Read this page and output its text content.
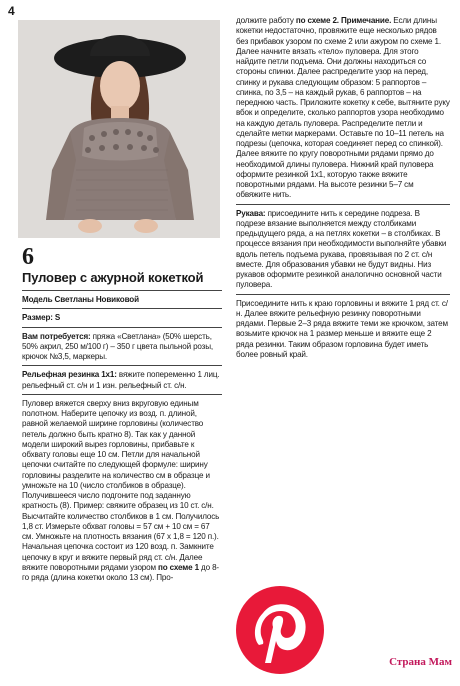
4
6
Пуловер с ажурной кокеткой
Модель Светланы Новиковой
Размер: S

Вам потребуется: пряжа «Светлана» (50% шерсть, 50% акрил, 250 м/100 г) – 350 г цвета пыльной розы, крючок №3,5, маркеры.

Рельефная резинка 1х1: вяжите попеременно 1 лиц. рельефный ст. с/н и 1 изн. рельефный ст. с/н.

Пуловер вяжется сверху вниз вкруговую единым полотном. Наберите цепочку из возд. п. длиной, равной желаемой ширине горловины (количество петель должно быть кратно 8). Так как у данной модели широкий вырез горловины, прибавьте к обхвату головы еще 10 см. Петли для начальной цепочки считайте по следующей формуле: ширину горловины разделите на количество см в образце и умножьте на 10 (число столбиков в образце). Получившееся число подгоните под заданную кратность (8). Пример: свяжите образец из 10 ст. с/н. Высчитайте количество столбиков в 1 см. Получилось 1,8 ст. Измерьте обхват головы = 57 см + 10 см = 67 см. Умножьте на плотность вязания (67 х 1,8 = 120 п.). Начальная цепочка состоит из 120 возд. п. Замкните цепочку в круг и вяжите первый ряд ст. с/н. Далее вяжите поворотными рядами узором по схеме 1 до 8-го ряда (длина кокетки около 13 см). Про-

должите работу по схеме 2. Примечание. Если длины кокетки недостаточно, провяжите еще несколько рядов без прибавок узором по схеме 2 или ажуром по схеме 1. Далее начните вязать «тело» пуловера. Для этого найдите петли подъема. Они должны находиться со стороны спинки. Далее распределите узор на перед, спинку и рукава следующим образом: 5 раппортов – спинка, по 3,5 – на каждый рукав, 6 раппортов – на переднюю часть. Приложите кокетку к себе, вытяните руку вбок и определите, сколько раппортов узора необходимо на каждую деталь пуловера. Распределите петли и сделайте метки маркерами. Оставьте по 10–11 петель на подрезы (цепочка, которая соединяет перед со спинкой). Далее вяжите по кругу поворотными рядами прямо до необходимой длины пуловера. Нижний край пуловера оформите резинкой 1х1, которую также вяжите поворотными рядами. На высоте резинки 5–7 см обвяжите нить.

Рукава: присоедините нить к середине подреза. В подрезе вязание выполняется между столбиками предыдущего ряда, а на петлях кокетки – в столбиках. В процессе вязания при необходимости выполняйте убавки вдоль петель подъема рукава, провязывая по 2 ст. с/н вместе. Для образования убавки не будут видны. Низ рукавов оформите резинкой аналогично основной части пуловера.

Присоедините нить к краю горловины и вяжите 1 ряд ст. с/н. Далее вяжите рельефную резинку поворотными рядами. Первые 2–3 ряда вяжите теми же крючком, затем возьмите крючок на 1 размер меньше и вяжите еще 2 ряда резинки. Таким образом горловина будет иметь более ровный край.

Страна Мам
